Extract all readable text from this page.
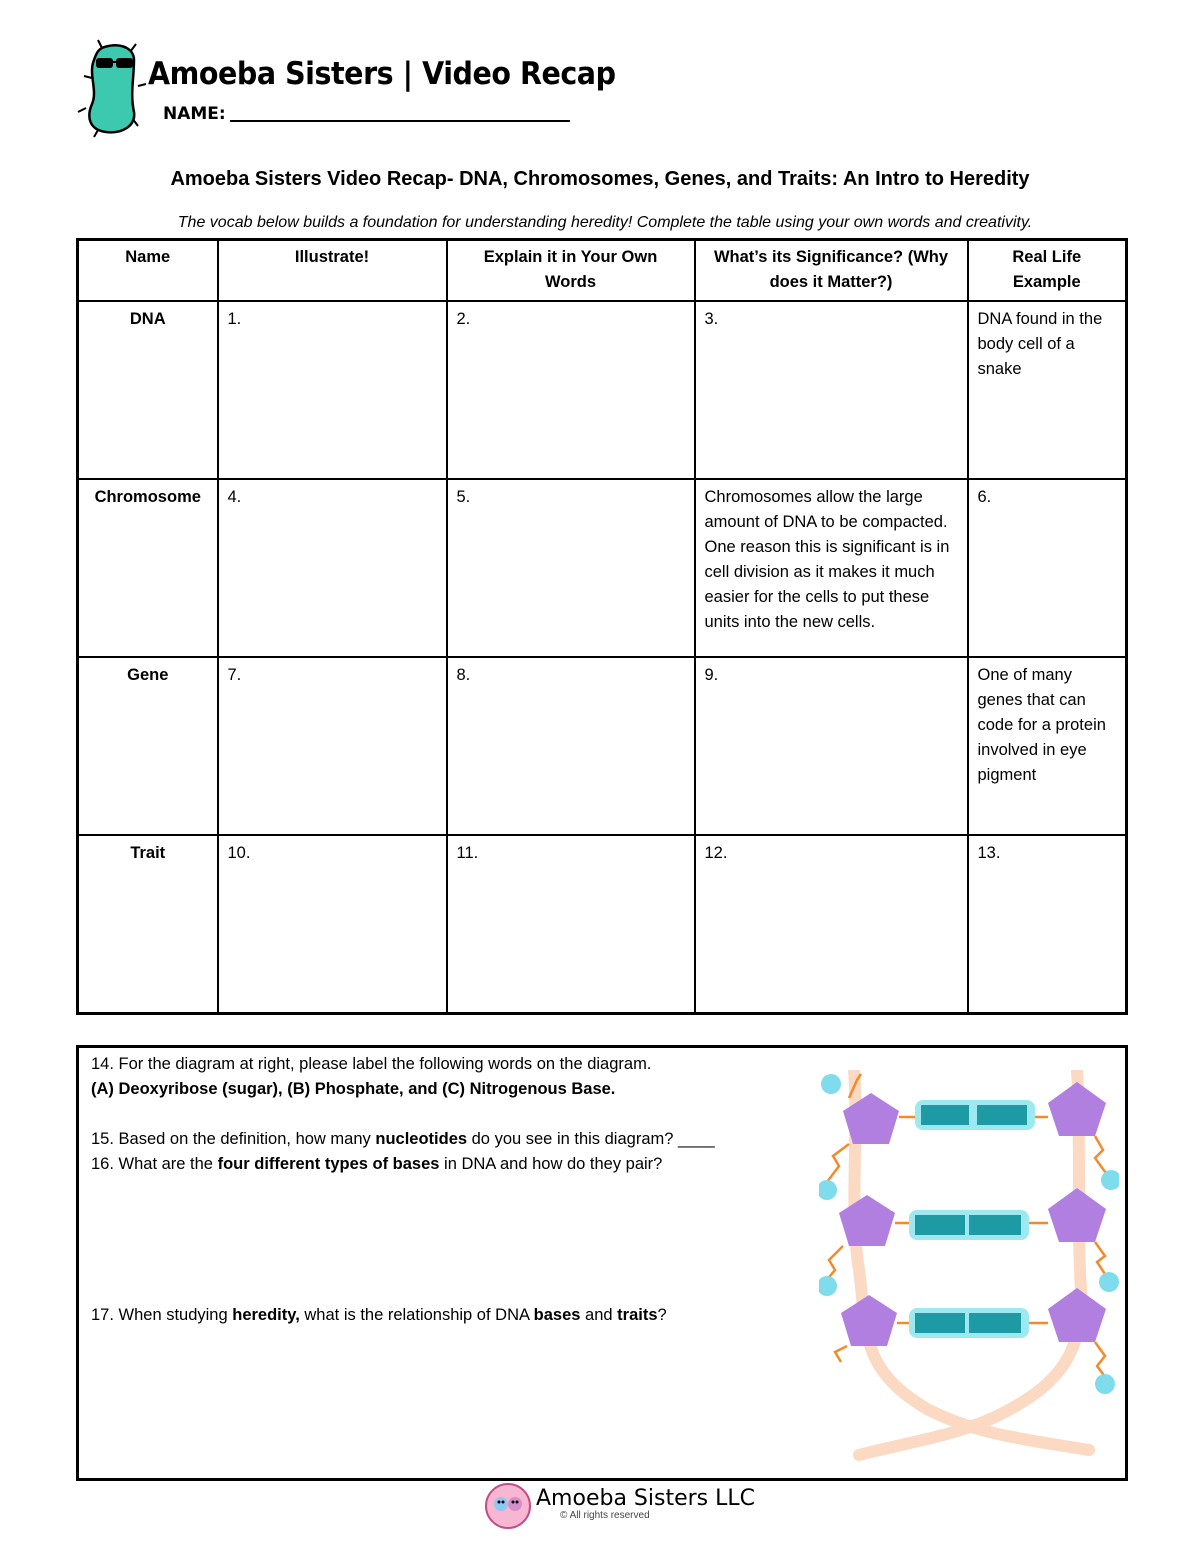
Amoeba Sisters | Video Recap
NAME:
Amoeba Sisters Video Recap- DNA, Chromosomes, Genes, and Traits: An Intro to Heredity
The vocab below builds a foundation for understanding heredity! Complete the table using your own words and creativity.
Name	Illustrate!	Explain it in Your Own Words	What’s its Significance? (Why does it Matter?)	Real Life Example
DNA	1.	2.	3.	DNA found in the body cell of a snake
Chromosome	4.	5.	Chromosomes allow the large amount of DNA to be compacted. One reason this is significant is in cell division as it makes it much easier for the cells to put these units into the new cells.	6.
Gene	7.	8.	9.	One of many genes that can code for a protein involved in eye pigment
Trait	10.	11.	12.	13.
14. For the diagram at right, please label the following words on the diagram.
(A) Deoxyribose (sugar), (B) Phosphate, and (C) Nitrogenous Base.
15. Based on the definition, how many nucleotides do you see in this diagram? ____
16. What are the four different types of bases in DNA and how do they pair?
17. When studying heredity, what is the relationship of DNA bases and traits?
Amoeba Sisters LLC
© All rights reserved
